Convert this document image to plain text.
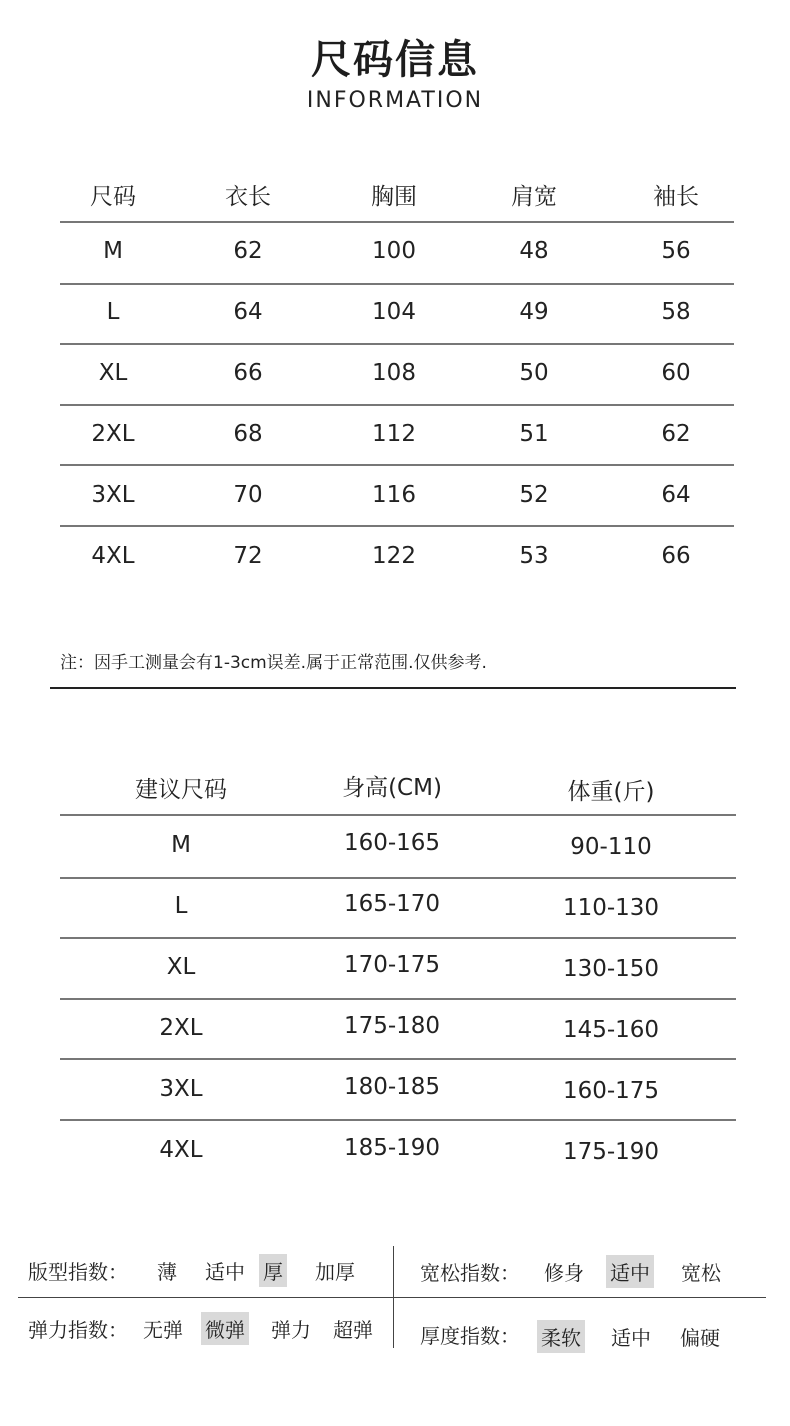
尺码信息
INFORMATION
尺码	衣长	胸围	肩宽	袖长
M	62	100	48	56
L	64	104	49	58
XL	66	108	50	60
2XL	68	112	51	62
3XL	70	116	52	64
4XL	72	122	53	66
注：因手工测量会有1-3cm误差.属于正常范围.仅供参考.
建议尺码	身高(CM)	体重(斤)
M	160-165	90-110
L	165-170	110-130
XL	170-175	130-150
2XL	175-180	145-160
3XL	180-185	160-175
4XL	185-190	175-190
版型指数： 薄 适中 厚 加厚	宽松指数： 修身 适中 宽松
弹力指数： 无弹 微弹 弹力 超弹 厚度指数： 柔软 适中 偏硬
